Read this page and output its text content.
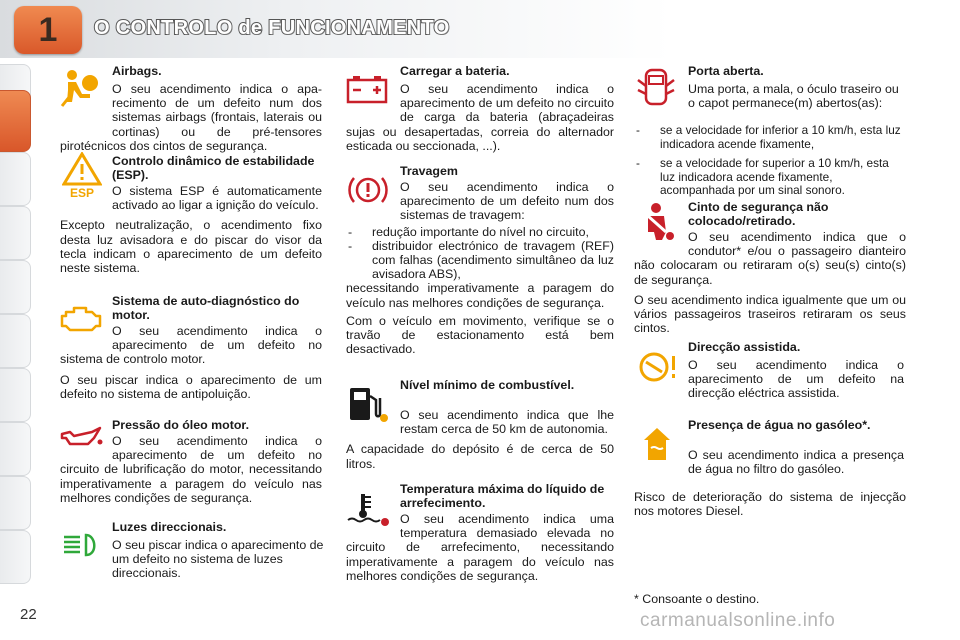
1	O CONTROLO de FUNCIONAMENTO
Airbags.

O seu acendimento indica o aparecimento de um defeito num dos sistemas airbags (frontais, laterais ou cortinas) ou de pré-tensores pirotécnicos dos cintos de segurança.

ESP
Controlo dinâmico de estabilidade (ESP).

O sistema ESP é automaticamente activado ao ligar a ignição do veículo.

Excepto neutralização, o acendimento fixo desta luz avisadora e do piscar do visor da tecla indicam o aparecimento de um defeito neste sistema.

Sistema de auto-diagnóstico do motor.

O seu acendimento indica o aparecimento de um defeito no sistema de controlo motor.

O seu piscar indica o aparecimento de um defeito no sistema de antipoluição.

Pressão do óleo motor.

O seu acendimento indica o aparecimento de um defeito no circuito de lubrificação do motor, necessitando imperativamente a paragem do veículo nas melhores condições de segurança.

Luzes direccionais.
O seu piscar indica o aparecimento de um defeito no sistema de luzes direccionais.
Carregar a bateria.

O seu acendimento indica o aparecimento de um defeito no circuito de carga da bateria (abraçadeiras sujas ou desapertadas, correia do alternador esticada ou seccionada, ...).

Travagem

O seu acendimento indica o aparecimento de um defeito num dos sistemas de travagem:

- redução importante do nível no circuito,
- distribuidor electrónico de travagem (REF) com falhas (acendimento simultâneo da luz avisadora ABS),

necessitando imperativamente a paragem do veículo nas melhores condições de segurança.

Com o veículo em movimento, verifique se o travão de estacionamento está bem desactivado.

Nível mínimo de combustível.

O seu acendimento indica que lhe restam cerca de 50 km de autonomia.

A capacidade do depósito é de cerca de 50 litros.

Temperatura máxima do líquido de arrefecimento.

O seu acendimento indica uma temperatura demasiado elevada no circuito de arrefecimento, necessitando imperativamente a paragem do veículo nas melhores condições de segurança.

Porta aberta.
Uma porta, a mala, o óculo traseiro ou o capot permanece(m) abertos(as):
- se a velocidade for inferior a 10 km/h, esta luz indicadora acende fixamente,
- se a velocidade for superior a 10 km/h, esta luz indicadora acende fixamente, acompanhada por um sinal sonoro.
Cinto de segurança não colocado/retirado.

O seu acendimento indica que o condutor* e/ou o passageiro dianteiro não colocaram ou retiraram o(s) seu(s) cinto(s) de segurança.

O seu acendimento indica igualmente que um ou vários passageiros traseiros retiraram os seus cintos.

Direcção assistida.
O seu acendimento indica o aparecimento de um defeito na direcção eléctrica assistida.
Presença de água no gasóleo*.
O seu acendimento indica a presença de água no filtro do gasóleo.
Risco de deterioração do sistema de injecção nos motores Diesel.
* Consoante o destino.
22	carmanualsonline.info
